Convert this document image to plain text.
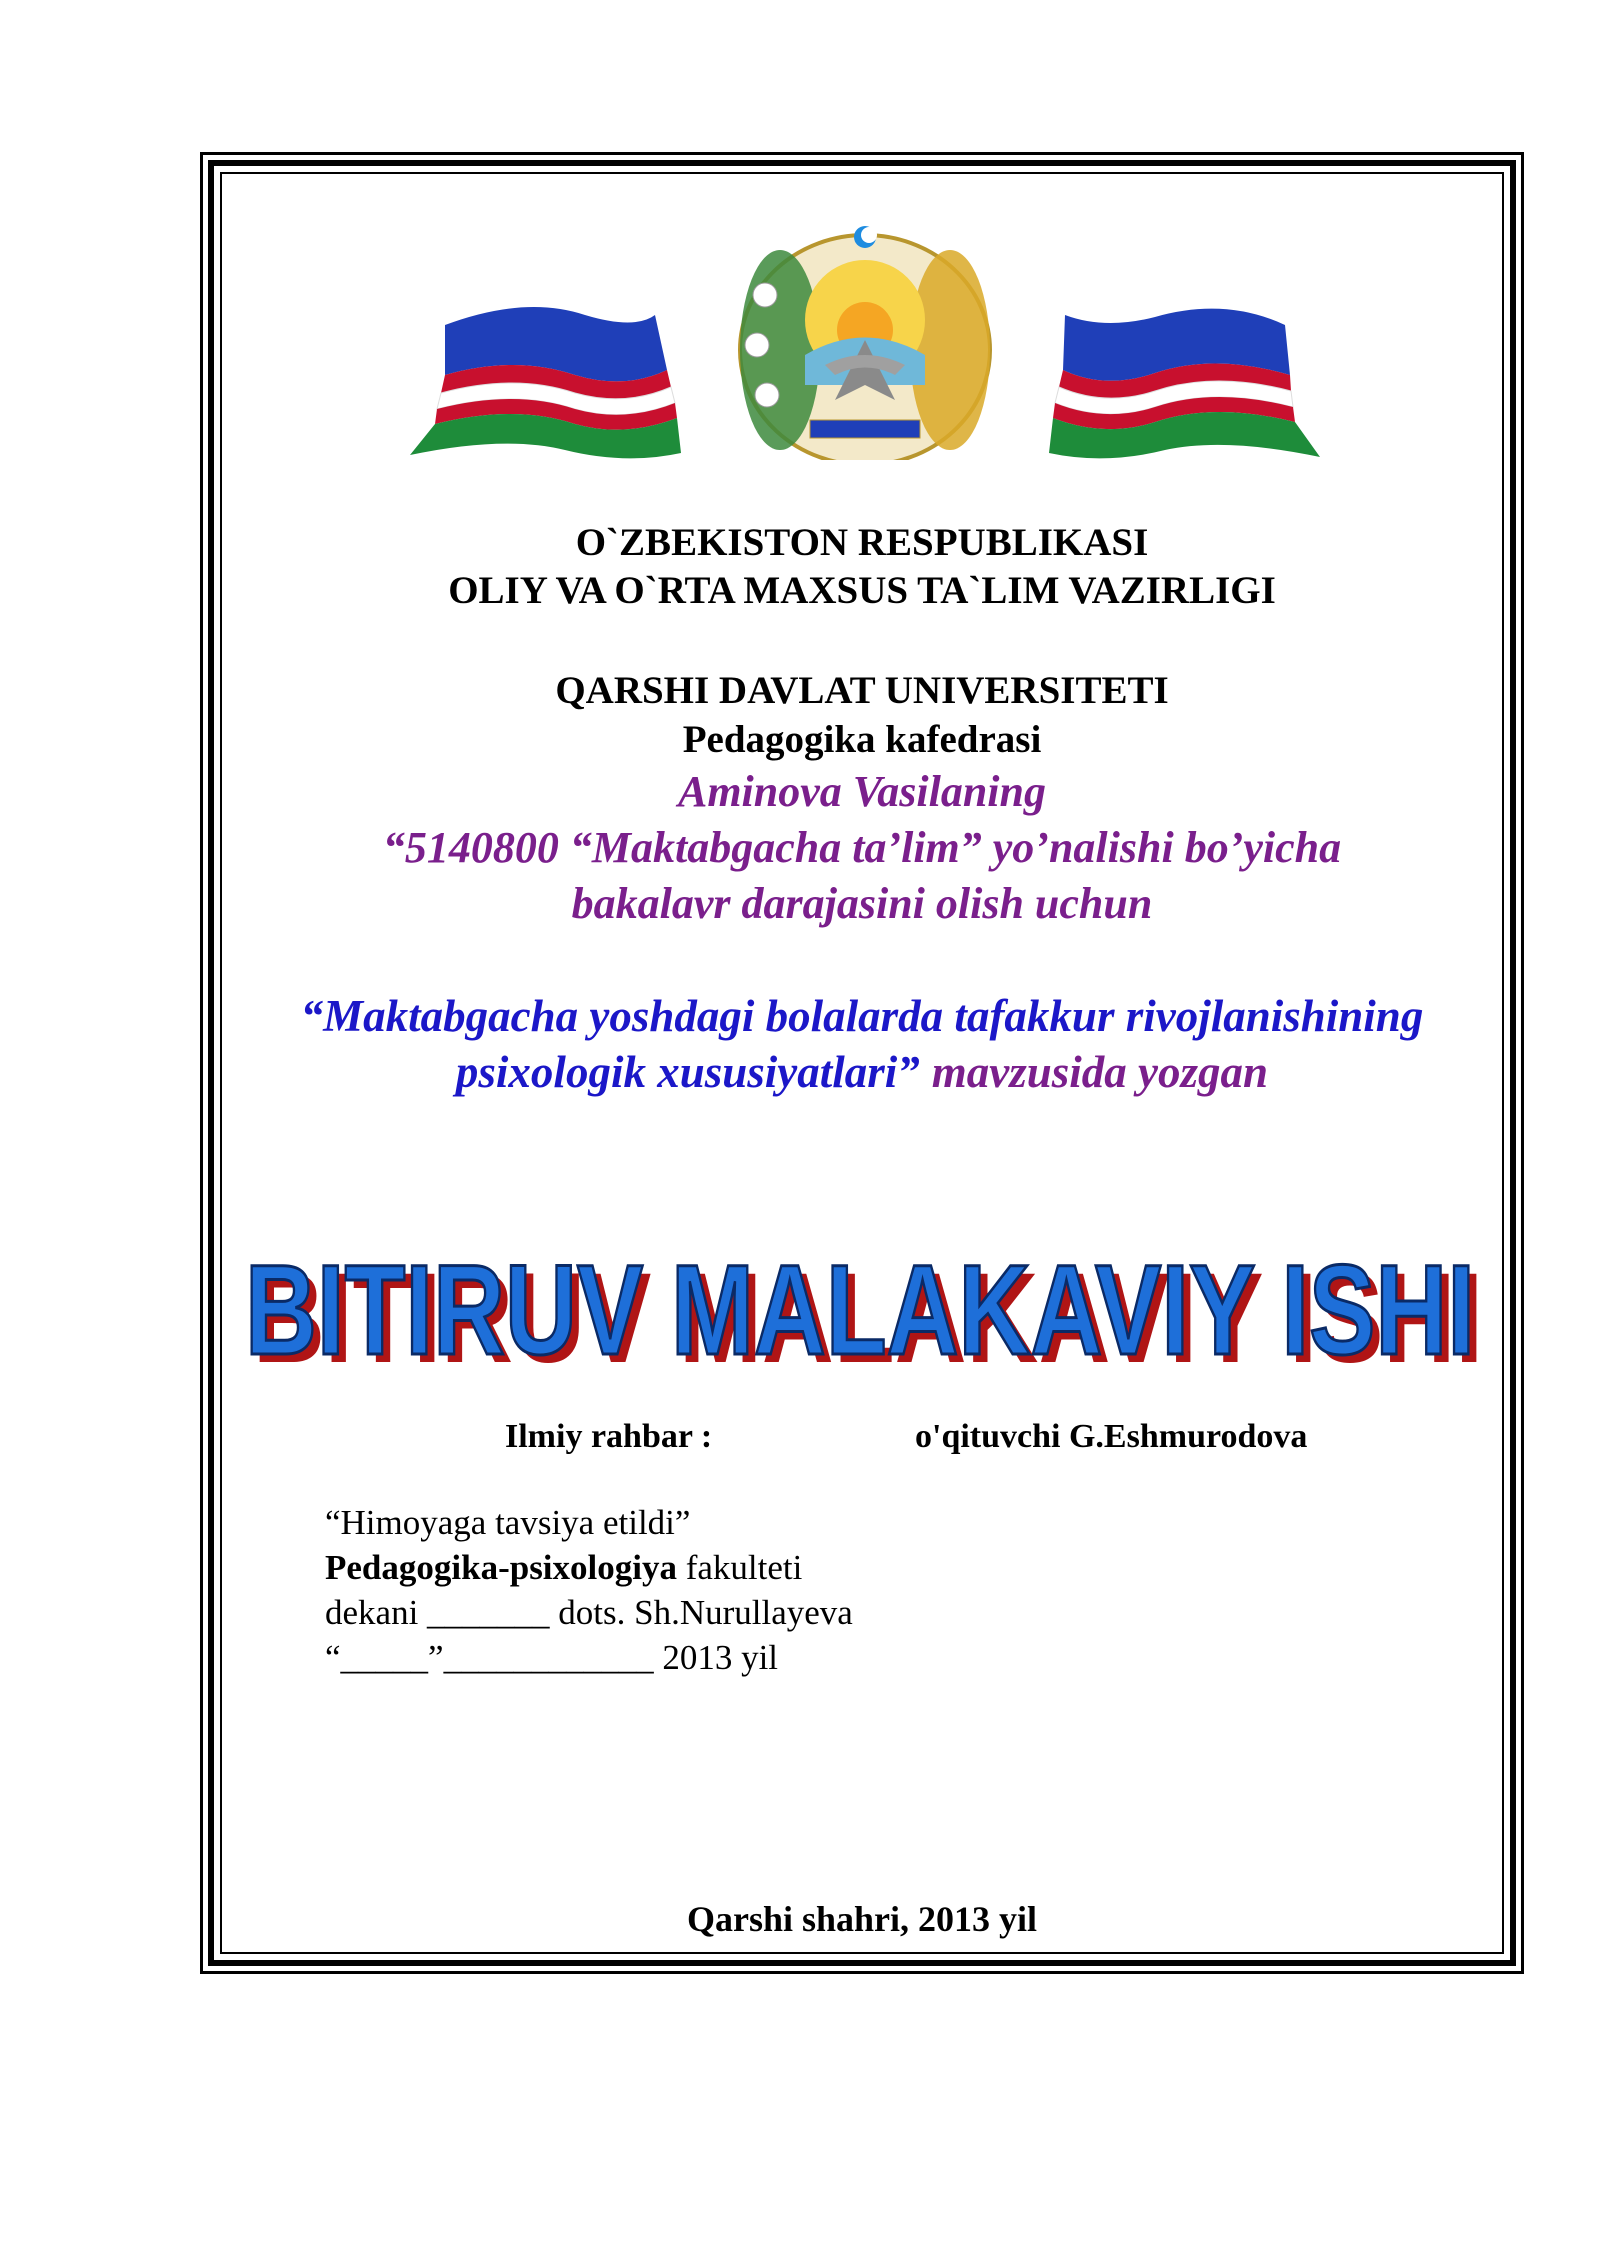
O`ZBEKISTON RESPUBLIKASI
OLIY VA O`RTA MAXSUS TA`LIM VAZIRLIGI
QARSHI DAVLAT UNIVERSITETI
Pedagogika kafedrasi
Aminova Vasilaning
“5140800 “Maktabgacha ta’lim” yo’nalishi bo’yicha
bakalavr darajasini olish uchun
“Maktabgacha yoshdagi bolalarda tafakkur rivojlanishining
psixologik xususiyatlari” mavzusida yozgan
BITIRUV MALAKAVIY ISHI
BITIRUV MALAKAVIY ISHI
Ilmiy rahbar :	o'qituvchi G.Eshmurodova
“Himoyaga tavsiya etildi”
Pedagogika-psixologiya fakulteti
dekani _______ dots. Sh.Nurullayeva
“_____”____________ 2013 yil
Qarshi shahri, 2013 yil
